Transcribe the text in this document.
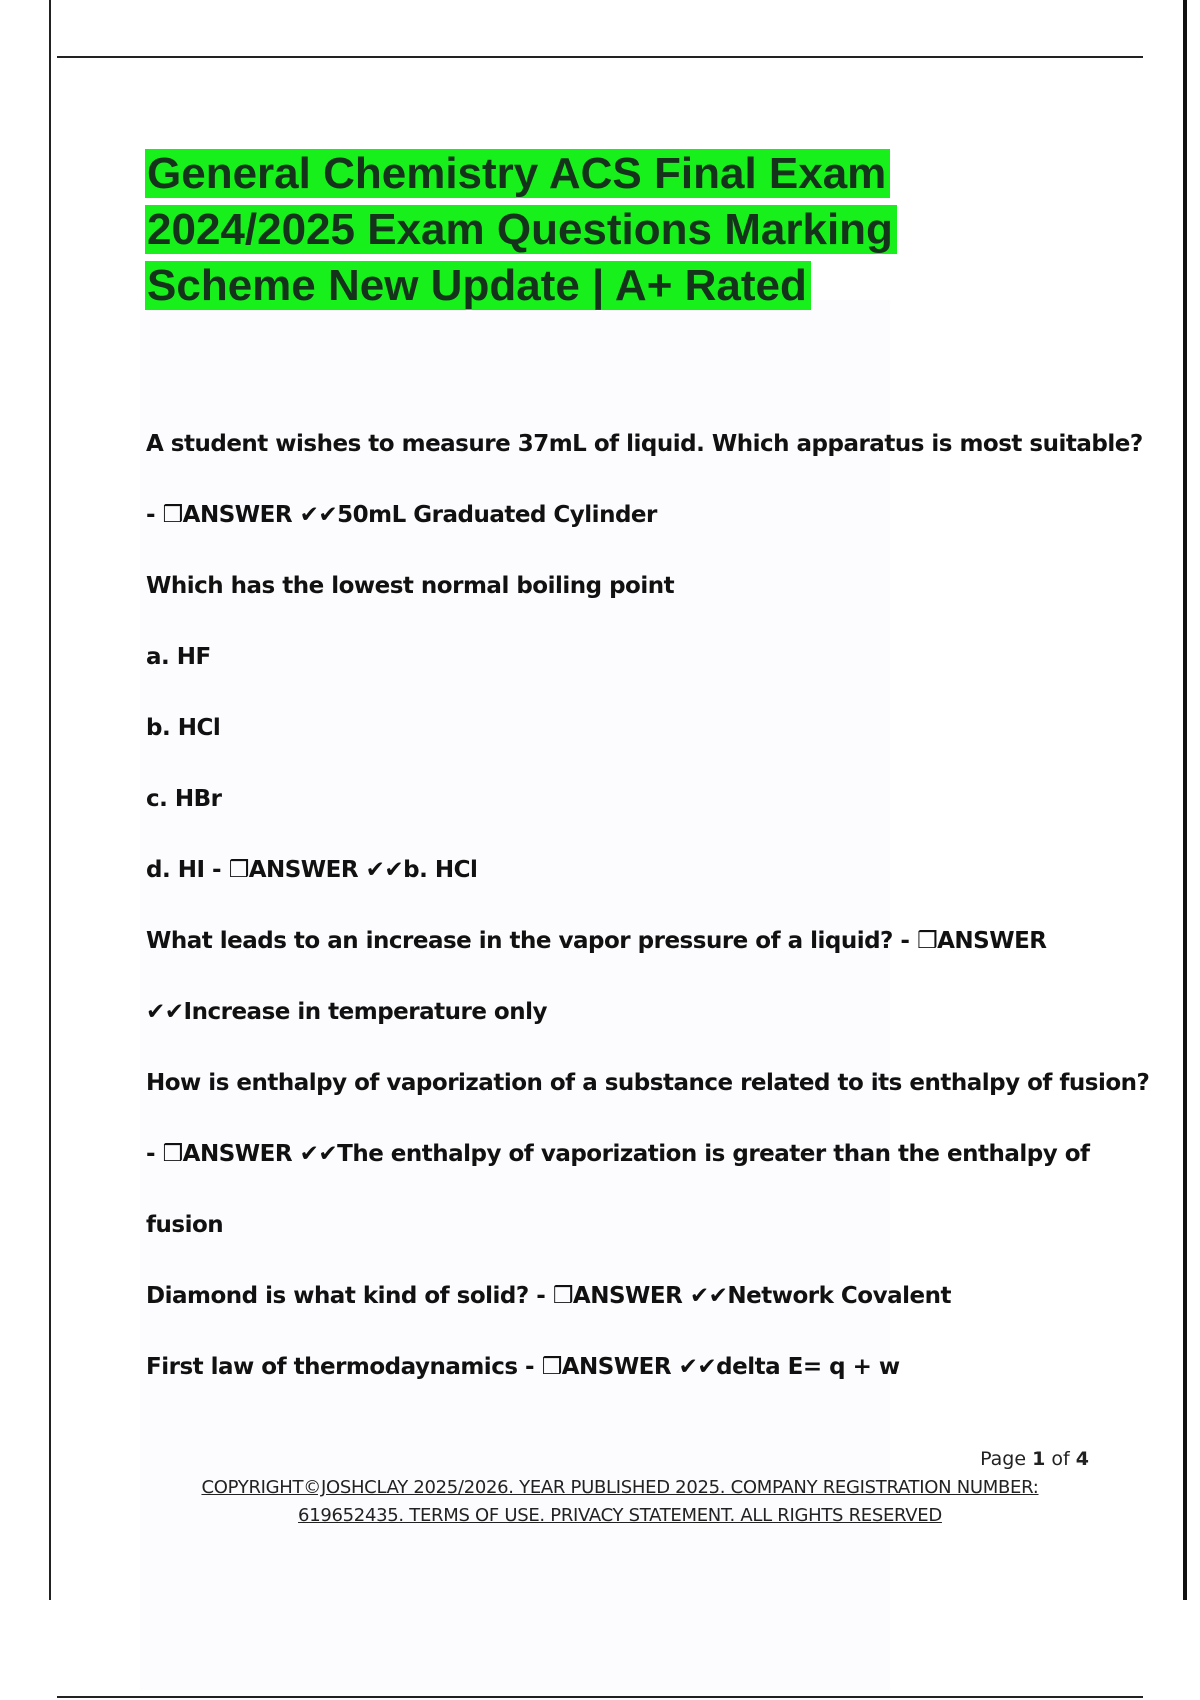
General Chemistry ACS Final Exam 2024/2025 Exam Questions Marking Scheme New Update | A+ Rated
A student wishes to measure 37mL of liquid. Which apparatus is most suitable?
- ❒ANSWER ✔✔50mL Graduated Cylinder
Which has the lowest normal boiling point
a. HF
b. HCl
c. HBr
d. HI - ❒ANSWER ✔✔b. HCl
What leads to an increase in the vapor pressure of a liquid? - ❒ANSWER
✔✔Increase in temperature only
How is enthalpy of vaporization of a substance related to its enthalpy of fusion?
- ❒ANSWER ✔✔The enthalpy of vaporization is greater than the enthalpy of
fusion
Diamond is what kind of solid? - ❒ANSWER ✔✔Network Covalent
First law of thermodaynamics - ❒ANSWER ✔✔delta E= q + w
Page 1 of 4
COPYRIGHT©JOSHCLAY 2025/2026. YEAR PUBLISHED 2025. COMPANY REGISTRATION NUMBER:
619652435. TERMS OF USE. PRIVACY STATEMENT. ALL RIGHTS RESERVED
